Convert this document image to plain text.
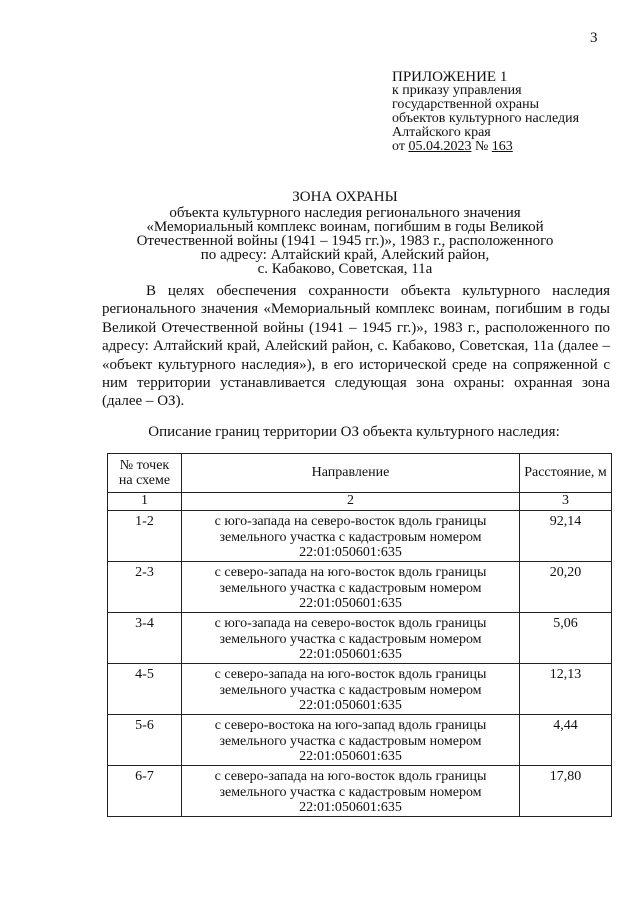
3
ПРИЛОЖЕНИЕ 1
к приказу управления
государственной охраны
объектов культурного наследия
Алтайского края
от 05.04.2023 № 163
ЗОНА ОХРАНЫ
объекта культурного наследия регионального значения
«Мемориальный комплекс воинам, погибшим в годы Великой
Отечественной войны (1941 – 1945 гг.)», 1983 г., расположенного
по адресу: Алтайский край, Алейский район,
с. Кабаково, Советская, 11а

В целях обеспечения сохранности объекта культурного наследия регионального значения «Мемориальный комплекс воинам, погибшим в годы Великой Отечественной войны (1941 – 1945 гг.)», 1983 г., расположенного по адресу: Алтайский край, Алейский район, с. Кабаково, Советская, 11а (далее – «объект культурного наследия»), в его исторической среде на сопряженной с ним территории устанавливается следующая зона охраны: охранная зона (далее – ОЗ).

Описание границ территории ОЗ объекта культурного наследия:
№ точек на схеме	Направление	Расстояние, м
1	2	3
1-2	с юго-запада на северо-восток вдоль границы
земельного участка с кадастровым номером
22:01:050601:635	92,14
2-3	с северо-запада на юго-восток вдоль границы
земельного участка с кадастровым номером
22:01:050601:635	20,20
3-4	с юго-запада на северо-восток вдоль границы
земельного участка с кадастровым номером
22:01:050601:635	5,06
4-5	с северо-запада на юго-восток вдоль границы
земельного участка с кадастровым номером
22:01:050601:635	12,13
5-6	с северо-востока на юго-запад вдоль границы
земельного участка с кадастровым номером
22:01:050601:635	4,44
6-7	с северо-запада на юго-восток вдоль границы
земельного участка с кадастровым номером
22:01:050601:635	17,80
